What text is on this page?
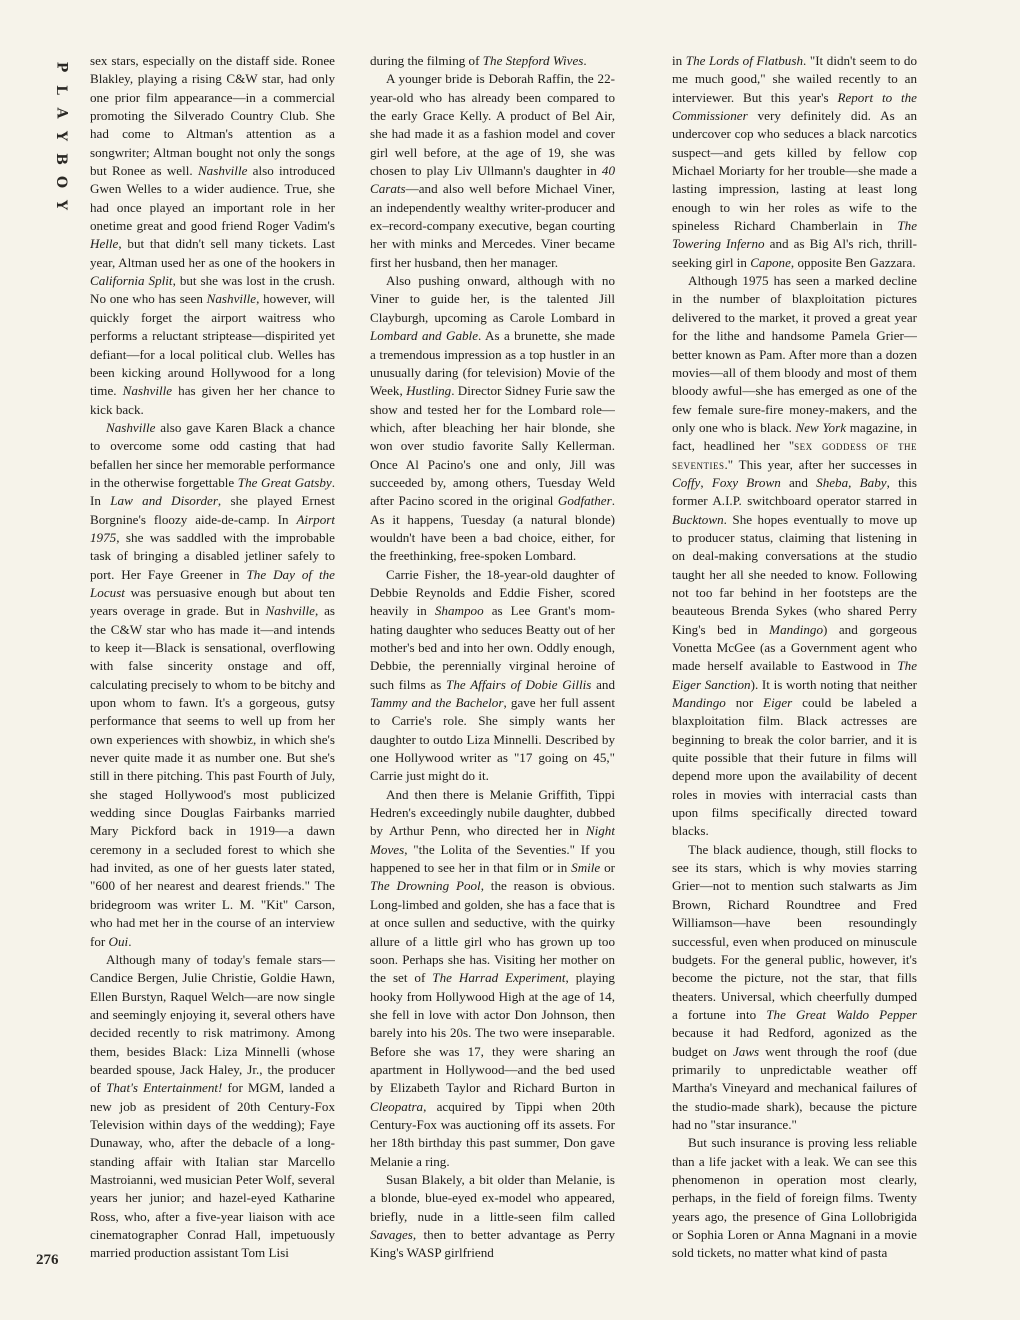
P
L
A
Y
B
O
Y
276

sex stars, especially on the distaff side. Ronee Blakley, playing a rising C&W star, had only one prior film appearance—in a commercial promoting the Silverado Country Club. She had come to Altman's attention as a songwriter; Altman bought not only the songs but Ronee as well. Nashville also introduced Gwen Welles to a wider audience. True, she had once played an important role in her onetime great and good friend Roger Vadim's Helle, but that didn't sell many tickets. Last year, Altman used her as one of the hookers in California Split, but she was lost in the crush. No one who has seen Nashville, however, will quickly forget the airport waitress who performs a reluctant striptease—dispirited yet defiant—for a local political club. Welles has been kicking around Hollywood for a long time. Nashville has given her her chance to kick back.

Nashville also gave Karen Black a chance to overcome some odd casting that had befallen her since her memorable performance in the otherwise forgettable The Great Gatsby. In Law and Disorder, she played Ernest Borgnine's floozy aide-de-camp. In Airport 1975, she was saddled with the improbable task of bringing a disabled jetliner safely to port. Her Faye Greener in The Day of the Locust was persuasive enough but about ten years overage in grade. But in Nashville, as the C&W star who has made it—and intends to keep it—Black is sensational, overflowing with false sincerity onstage and off, calculating precisely to whom to be bitchy and upon whom to fawn. It's a gorgeous, gutsy performance that seems to well up from her own experiences with showbiz, in which she's never quite made it as number one. But she's still in there pitching. This past Fourth of July, she staged Hollywood's most publicized wedding since Douglas Fairbanks married Mary Pickford back in 1919—a dawn ceremony in a secluded forest to which she had invited, as one of her guests later stated, "600 of her nearest and dearest friends." The bridegroom was writer L. M. "Kit" Carson, who had met her in the course of an interview for Oui.

Although many of today's female stars—Candice Bergen, Julie Christie, Goldie Hawn, Ellen Burstyn, Raquel Welch—are now single and seemingly enjoying it, several others have decided recently to risk matrimony. Among them, besides Black: Liza Minnelli (whose bearded spouse, Jack Haley, Jr., the producer of That's Entertainment! for MGM, landed a new job as president of 20th Century-Fox Television within days of the wedding); Faye Dunaway, who, after the debacle of a long-standing affair with Italian star Marcello Mastroianni, wed musician Peter Wolf, several years her junior; and hazel-eyed Katharine Ross, who, after a five-year liaison with ace cinematographer Conrad Hall, impetuously married production assistant Tom Lisi

during the filming of The Stepford Wives.

A younger bride is Deborah Raffin, the 22-year-old who has already been compared to the early Grace Kelly. A product of Bel Air, she had made it as a fashion model and cover girl well before, at the age of 19, she was chosen to play Liv Ullmann's daughter in 40 Carats—and also well before Michael Viner, an independently wealthy writer-producer and ex–record-company executive, began courting her with minks and Mercedes. Viner became first her husband, then her manager.

Also pushing onward, although with no Viner to guide her, is the talented Jill Clayburgh, upcoming as Carole Lombard in Lombard and Gable. As a brunette, she made a tremendous impression as a top hustler in an unusually daring (for television) Movie of the Week, Hustling. Director Sidney Furie saw the show and tested her for the Lombard role—which, after bleaching her hair blonde, she won over studio favorite Sally Kellerman. Once Al Pacino's one and only, Jill was succeeded by, among others, Tuesday Weld after Pacino scored in the original Godfather. As it happens, Tuesday (a natural blonde) wouldn't have been a bad choice, either, for the freethinking, free-spoken Lombard.

Carrie Fisher, the 18-year-old daughter of Debbie Reynolds and Eddie Fisher, scored heavily in Shampoo as Lee Grant's mom-hating daughter who seduces Beatty out of her mother's bed and into her own. Oddly enough, Debbie, the perennially virginal heroine of such films as The Affairs of Dobie Gillis and Tammy and the Bachelor, gave her full assent to Carrie's role. She simply wants her daughter to outdo Liza Minnelli. Described by one Hollywood writer as "17 going on 45," Carrie just might do it.

And then there is Melanie Griffith, Tippi Hedren's exceedingly nubile daughter, dubbed by Arthur Penn, who directed her in Night Moves, "the Lolita of the Seventies." If you happened to see her in that film or in Smile or The Drowning Pool, the reason is obvious. Long-limbed and golden, she has a face that is at once sullen and seductive, with the quirky allure of a little girl who has grown up too soon. Perhaps she has. Visiting her mother on the set of The Harrad Experiment, playing hooky from Hollywood High at the age of 14, she fell in love with actor Don Johnson, then barely into his 20s. The two were inseparable. Before she was 17, they were sharing an apartment in Hollywood—and the bed used by Elizabeth Taylor and Richard Burton in Cleopatra, acquired by Tippi when 20th Century-Fox was auctioning off its assets. For her 18th birthday this past summer, Don gave Melanie a ring.

Susan Blakely, a bit older than Melanie, is a blonde, blue-eyed ex-model who appeared, briefly, nude in a little-seen film called Savages, then to better advantage as Perry King's WASP girlfriend

in The Lords of Flatbush. "It didn't seem to do me much good," she wailed recently to an interviewer. But this year's Report to the Commissioner very definitely did. As an undercover cop who seduces a black narcotics suspect—and gets killed by fellow cop Michael Moriarty for her trouble—she made a lasting impression, lasting at least long enough to win her roles as wife to the spineless Richard Chamberlain in The Towering Inferno and as Big Al's rich, thrill-seeking girl in Capone, opposite Ben Gazzara.

Although 1975 has seen a marked decline in the number of blaxploitation pictures delivered to the market, it proved a great year for the lithe and handsome Pamela Grier—better known as Pam. After more than a dozen movies—all of them bloody and most of them bloody awful—she has emerged as one of the few female sure-fire money-makers, and the only one who is black. New York magazine, in fact, headlined her "sex goddess of the seventies." This year, after her successes in Coffy, Foxy Brown and Sheba, Baby, this former A.I.P. switchboard operator starred in Bucktown. She hopes eventually to move up to producer status, claiming that listening in on deal-making conversations at the studio taught her all she needed to know. Following not too far behind in her footsteps are the beauteous Brenda Sykes (who shared Perry King's bed in Mandingo) and gorgeous Vonetta McGee (as a Government agent who made herself available to Eastwood in The Eiger Sanction). It is worth noting that neither Mandingo nor Eiger could be labeled a blaxploitation film. Black actresses are beginning to break the color barrier, and it is quite possible that their future in films will depend more upon the availability of decent roles in movies with interracial casts than upon films specifically directed toward blacks.

The black audience, though, still flocks to see its stars, which is why movies starring Grier—not to mention such stalwarts as Jim Brown, Richard Roundtree and Fred Williamson—have been resoundingly successful, even when produced on minuscule budgets. For the general public, however, it's become the picture, not the star, that fills theaters. Universal, which cheerfully dumped a fortune into The Great Waldo Pepper because it had Redford, agonized as the budget on Jaws went through the roof (due primarily to unpredictable weather off Martha's Vineyard and mechanical failures of the studio-made shark), because the picture had no "star insurance."

But such insurance is proving less reliable than a life jacket with a leak. We can see this phenomenon in operation most clearly, perhaps, in the field of foreign films. Twenty years ago, the presence of Gina Lollobrigida or Sophia Loren or Anna Magnani in a movie sold tickets, no matter what kind of pasta
